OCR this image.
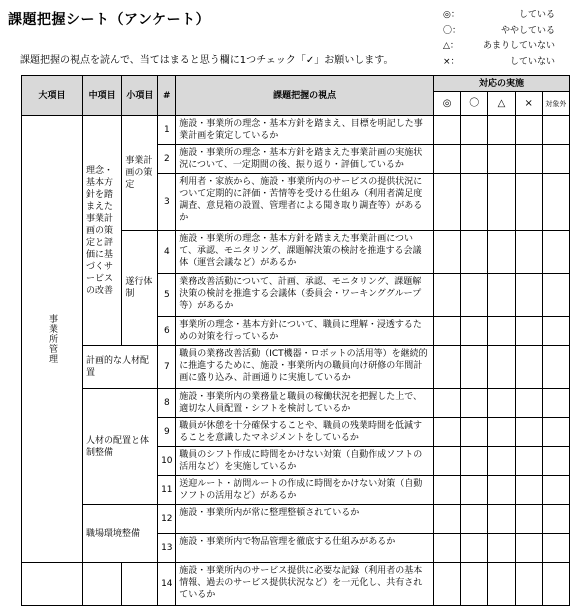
課題把握シート（アンケート）	◎：	している
〇：	ややしている
△：	あまりしていない
×：	していない
課題把握の視点を読んで、当てはまると思う欄に1つチェック「✓」お願いします。
大項目	中項目	小項目	#	課題把握の視点	対応の実施				
					◎	〇	△	×	対象外
事業所管理	理念・基本方針を踏まえた事業計画の策定と評価に基づくサービスの改善	事業計画の策定	1	施設・事業所の理念・基本方針を踏まえ、目標を明記した事業計画を策定しているか					
			2	施設・事業所の理念・基本方針を踏まえた事業計画の実施状況について、一定期間の後、振り返り・評価しているか					
			3	利用者・家族から、施設・事業所内のサービスの提供状況について定期的に評価・苦情等を受ける仕組み（利用者満足度調査、意見箱の設置、管理者による聞き取り調査等）があるか					
		遂行体制	4	施設・事業所の理念・基本方針を踏まえた事業計画について、承認、モニタリング、課題解決策の検討を推進する会議体（運営会議など）があるか					
			5	業務改善活動について、計画、承認、モニタリング、課題解決策の検討を推進する会議体（委員会・ワーキンググループ等）があるか					
			6	事業所の理念・基本方針について、職員に理解・浸透するための対策を行っているか					
	計画的な人材配置		7	職員の業務改善活動（ICT機器・ロボットの活用等）を継続的に推進するために、施設・事業所内の職員向け研修の年間計画に盛り込み、計画通りに実施しているか					
	人材の配置と体制整備		8	施設・事業所内の業務量と職員の稼働状況を把握した上で、適切な人員配置・シフトを検討しているか					
			9	職員が休憩を十分確保することや、職員の残業時間を低減することを意識したマネジメントをしているか					
			10	職員のシフト作成に時間をかけない対策（自動作成ソフトの活用など）を実施しているか					
			11	送迎ルート・訪問ルートの作成に時間をかけない対策（自動ソフトの活用など）があるか					
	職場環境整備		12	施設・事業所内が常に整理整頓されているか					
			13	施設・事業所内で物品管理を徹底する仕組みがあるか					
			14	施設・事業所内のサービス提供に必要な記録（利用者の基本情報、過去のサービス提供状況など）を一元化し、共有されているか					
